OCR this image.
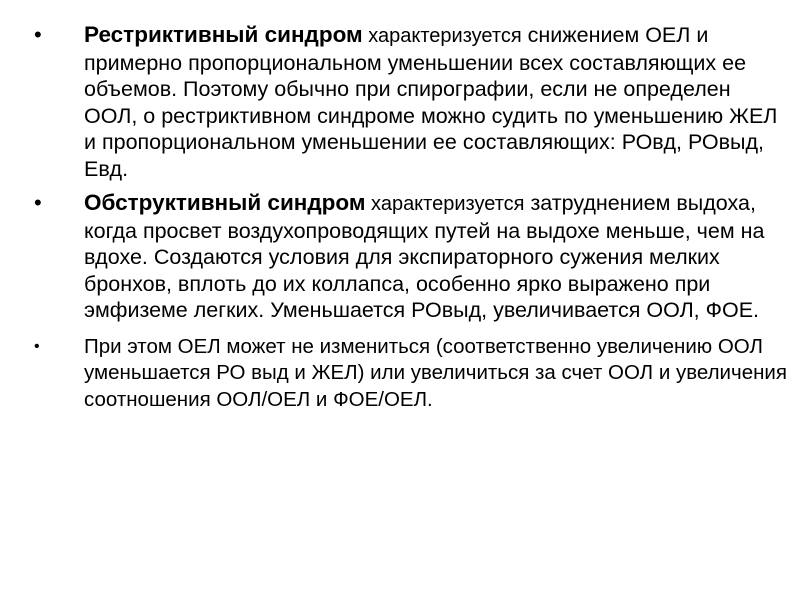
• Рестриктивный синдром характеризуется снижением ОЕЛ и примерно пропорциональном уменьшении всех составляющих ее объемов. Поэтому обычно при спирографии, если не определен ООЛ, о рестриктивном синдроме можно судить по уменьшению ЖЕЛ и пропорциональном уменьшении ее составляющих: РОвд, РОвыд, Евд.
• Обструктивный синдром характеризуется затруднением выдоха, когда просвет воздухопроводящих путей на выдохе меньше, чем на вдохе. Создаются условия для экспираторного сужения мелких бронхов, вплоть до их коллапса, особенно ярко выражено при эмфиземе легких. Уменьшается РОвыд, увеличивается ООЛ, ФОЕ.
• При этом ОЕЛ может не измениться (соответственно увеличению ООЛ уменьшается РО выд и ЖЕЛ) или увеличиться за счет ООЛ и увеличения соотношения ООЛ/ОЕЛ и ФОЕ/ОЕЛ.
